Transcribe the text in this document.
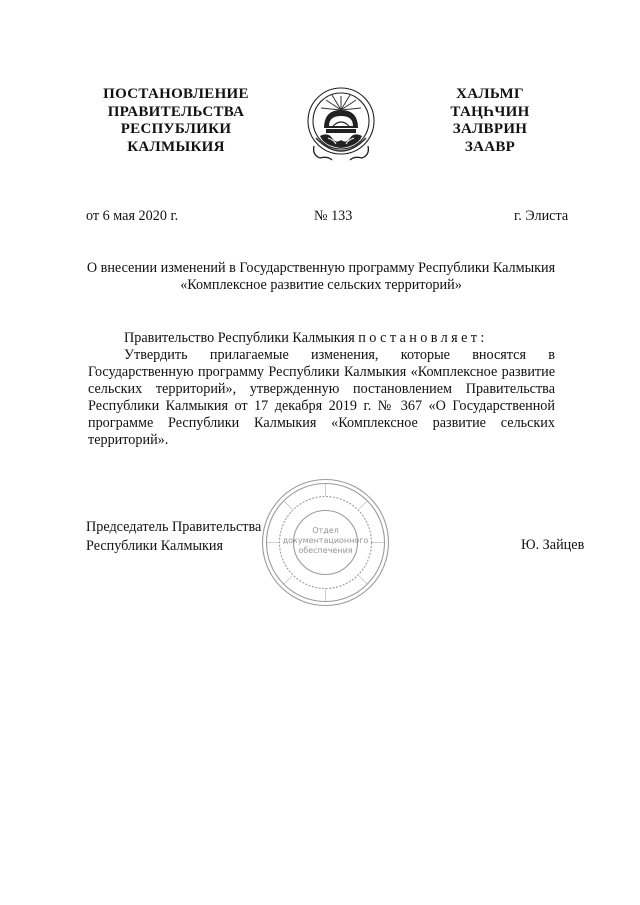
ПОСТАНОВЛЕНИЕ
ПРАВИТЕЛЬСТВА
РЕСПУБЛИКИ
КАЛМЫКИЯ
ХАЛЬМГ
ТАҢҺЧИН
ЗАЛВРИН
ЗААВР
от 6 мая 2020 г.	№ 133	г. Элиста
О внесении изменений в Государственную программу Республики Калмыкия
«Комплексное развитие сельских территорий»
Правительство Республики Калмыкия постановляет:
Утвердить прилагаемые изменения, которые вносятся в Государственную программу Республики Калмыкия «Комплексное развитие сельских территорий», утвержденную постановлением Правительства Республики Калмыкия от 17 декабря 2019 г. № 367 «О Государственной программе Республики Калмыкия «Комплексное развитие сельских территорий».
Председатель Правительства
Республики Калмыкия	Ю. Зайцев
Отдел
документационного
обеспечения
